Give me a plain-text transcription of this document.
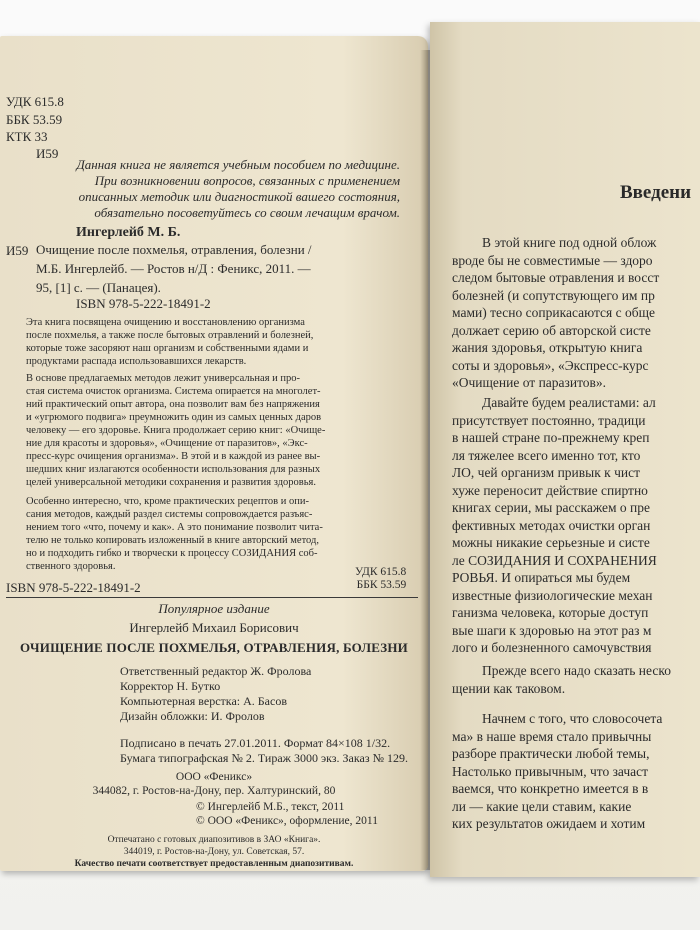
УДК 615.8
ББК 53.59
КТК 33
И59
Данная книга не является учебным пособием по медицине.
При возникновении вопросов, связанных с применением
описанных методик или диагностикой вашего состояния,
обязательно посоветуйтесь со своим лечащим врачом.
Ингерлейб М. Б.
И59 Очищение после похмелья, отравления, болезни /
М.Б. Ингерлейб. — Ростов н/Д : Феникс, 2011. —
95, [1] с. — (Панацея).
ISBN 978-5-222-18491-2
Эта книга посвящена очищению и восстановлению организма
после похмелья, а также после бытовых отравлений и болезней,
которые тоже засоряют наш организм и собственными ядами и
продуктами распада использовавшихся лекарств.
В основе предлагаемых методов лежит универсальная и про-
стая система очисток организма. Система опирается на многолет-
ний практический опыт автора, она позволит вам без напряжения
и «угрюмого подвига» преумножить один из самых ценных даров
человеку — его здоровье. Книга продолжает серию книг: «Очище-
ние для красоты и здоровья», «Очищение от паразитов», «Экс-
пресс-курс очищения организма». В этой и в каждой из ранее вы-
шедших книг излагаются особенности использования для разных
целей универсальной методики сохранения и развития здоровья.
Особенно интересно, что, кроме практических рецептов и опи-
сания методов, каждый раздел системы сопровождается разъяс-
нением того «что, почему и как». А это понимание позволит чита-
телю не только копировать изложенный в книге авторский метод,
но и подходить гибко и творчески к процессу СОЗИДАНИЯ соб-
ственного здоровья.
ISBN 978-5-222-18491-2
УДК 615.8
ББК 53.59
Популярное издание
Ингерлейб Михаил Борисович
ОЧИЩЕНИЕ ПОСЛЕ ПОХМЕЛЬЯ, ОТРАВЛЕНИЯ, БОЛЕЗНИ
Ответственный редактор Ж. Фролова
Корректор Н. Бутко
Компьютерная верстка: А. Басов
Дизайн обложки: И. Фролов
Подписано в печать 27.01.2011. Формат 84×108 1/32.
Бумага типографская № 2. Тираж 3000 экз. Заказ № 129.
ООО «Феникс»
344082, г. Ростов-на-Дону, пер. Халтуринский, 80
© Ингерлейб М.Б., текст, 2011
© ООО «Феникс», оформление, 2011
Отпечатано с готовых диапозитивов в ЗАО «Книга».
344019, г. Ростов-на-Дону, ул. Советская, 57.
Качество печати соответствует предоставленным диапозитивам.
Введени
В этой книге под одной облож
вроде бы не совместимые — здоро
следом бытовые отравления и восст
болезней (и сопутствующего им пр
мами) тесно соприкасаются с обще
должает серию об авторской систе
жания здоровья, открытую книга
соты и здоровья», «Экспресс-курс
«Очищение от паразитов».
Давайте будем реалистами: ал
присутствует постоянно, традици
в нашей стране по-прежнему креп
ля тяжелее всего именно тот, кто
ЛО, чей организм привык к чист
хуже переносит действие спиртно
книгах серии, мы расскажем о пре
фективных методах очистки орган
можны никакие серьезные и систе
ле СОЗИДАНИЯ И СОХРАНЕНИЯ
РОВЬЯ. И опираться мы будем
известные физиологические механ
ганизма человека, которые доступ
вые шаги к здоровью на этот раз м
лого и болезненного самочувствия
Прежде всего надо сказать неско
щении как таковом.
Начнем с того, что словосочета
ма» в наше время стало привычны
разборе практически любой темы,
Настолько привычным, что зачаст
ваемся, что конкретно имеется в в
ли — какие цели ставим, какие
ких результатов ожидаем и хотим
